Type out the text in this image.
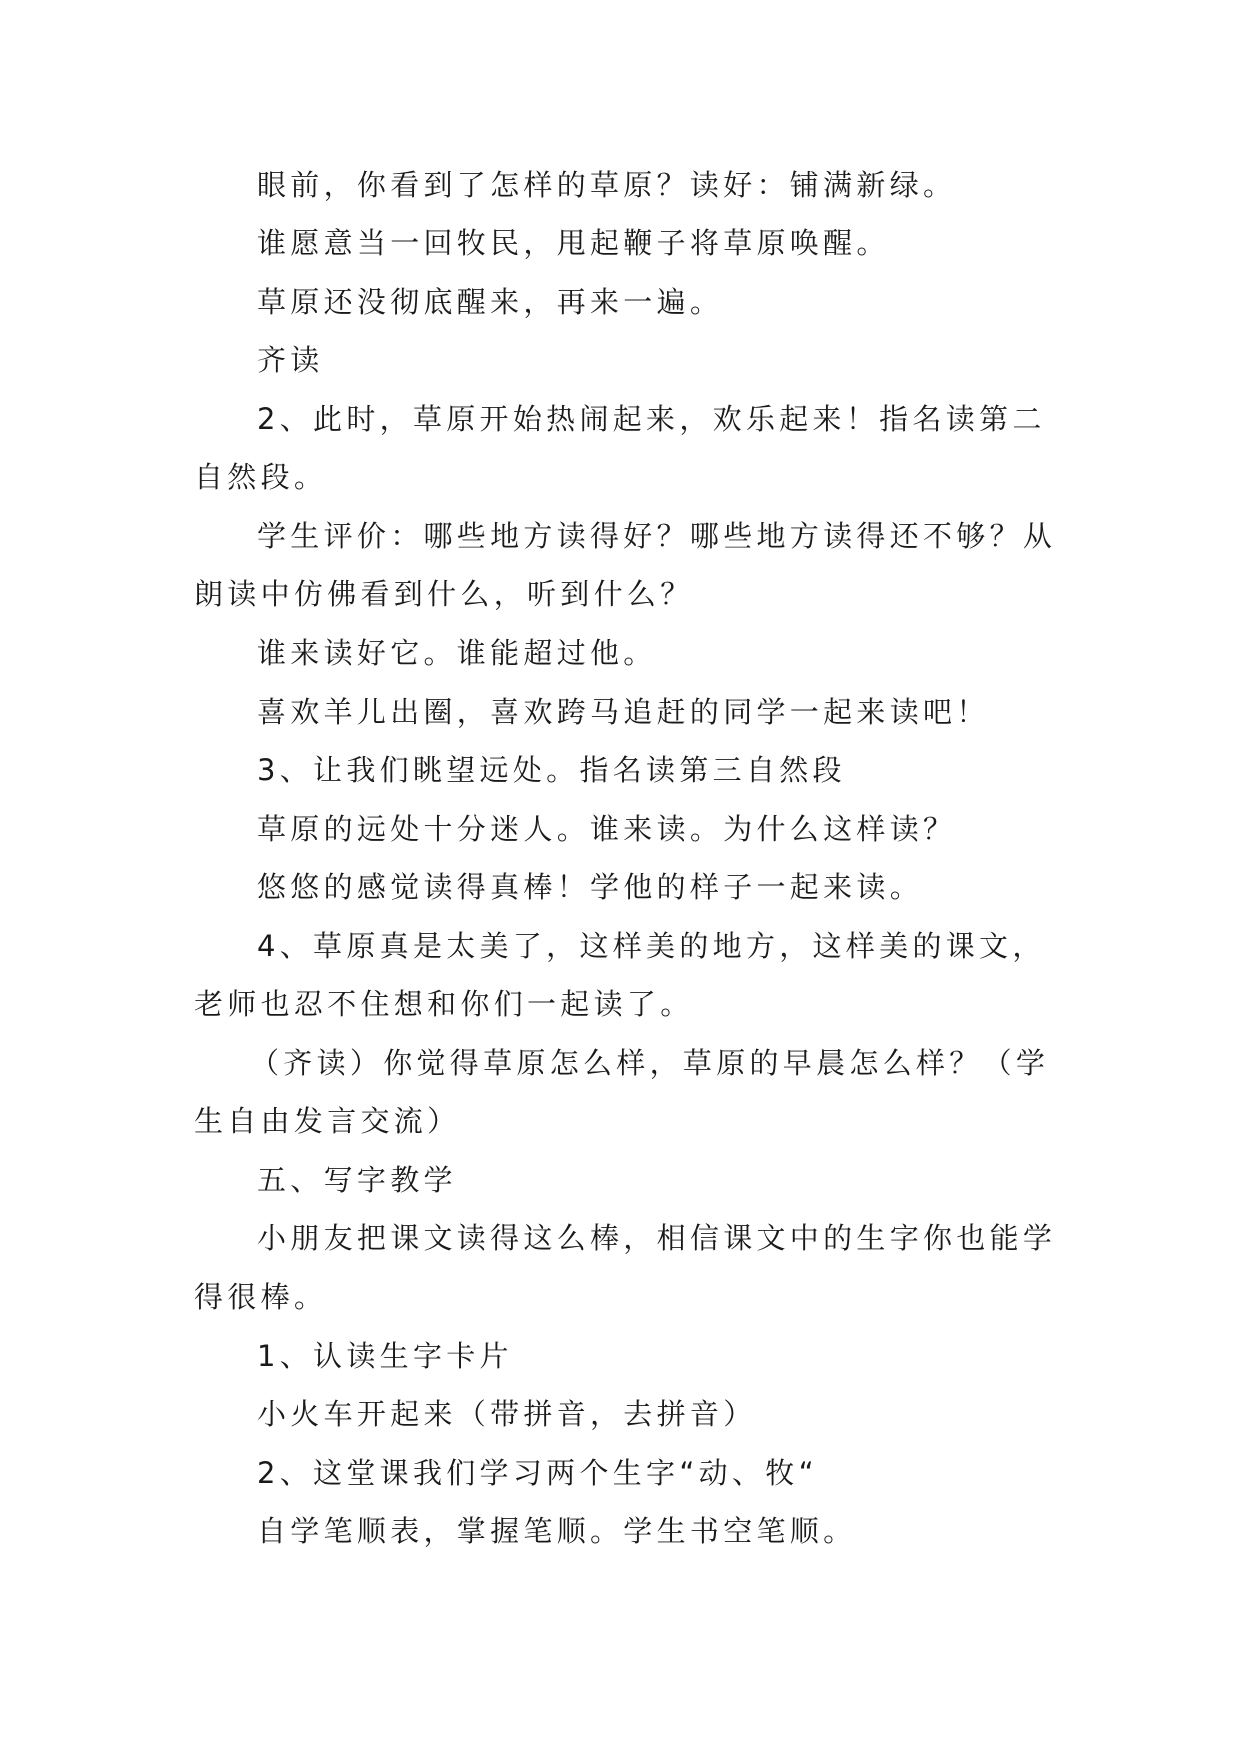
眼前，你看到了怎样的草原？读好：铺满新绿。
谁愿意当一回牧民，甩起鞭子将草原唤醒。
草原还没彻底醒来，再来一遍。
齐读
2、此时，草原开始热闹起来，欢乐起来！指名读第二
自然段。
学生评价：哪些地方读得好？哪些地方读得还不够？从
朗读中仿佛看到什么，听到什么？
谁来读好它。谁能超过他。
喜欢羊儿出圈，喜欢跨马追赶的同学一起来读吧！
3、让我们眺望远处。指名读第三自然段
草原的远处十分迷人。谁来读。为什么这样读？
悠悠的感觉读得真棒！学他的样子一起来读。
4、草原真是太美了，这样美的地方，这样美的课文，
老师也忍不住想和你们一起读了。
（齐读）你觉得草原怎么样，草原的早晨怎么样？（学
生自由发言交流）
五、写字教学
小朋友把课文读得这么棒，相信课文中的生字你也能学
得很棒。
1、认读生字卡片
小火车开起来（带拼音，去拼音）
2、这堂课我们学习两个生字“动、牧“
自学笔顺表，掌握笔顺。学生书空笔顺。
